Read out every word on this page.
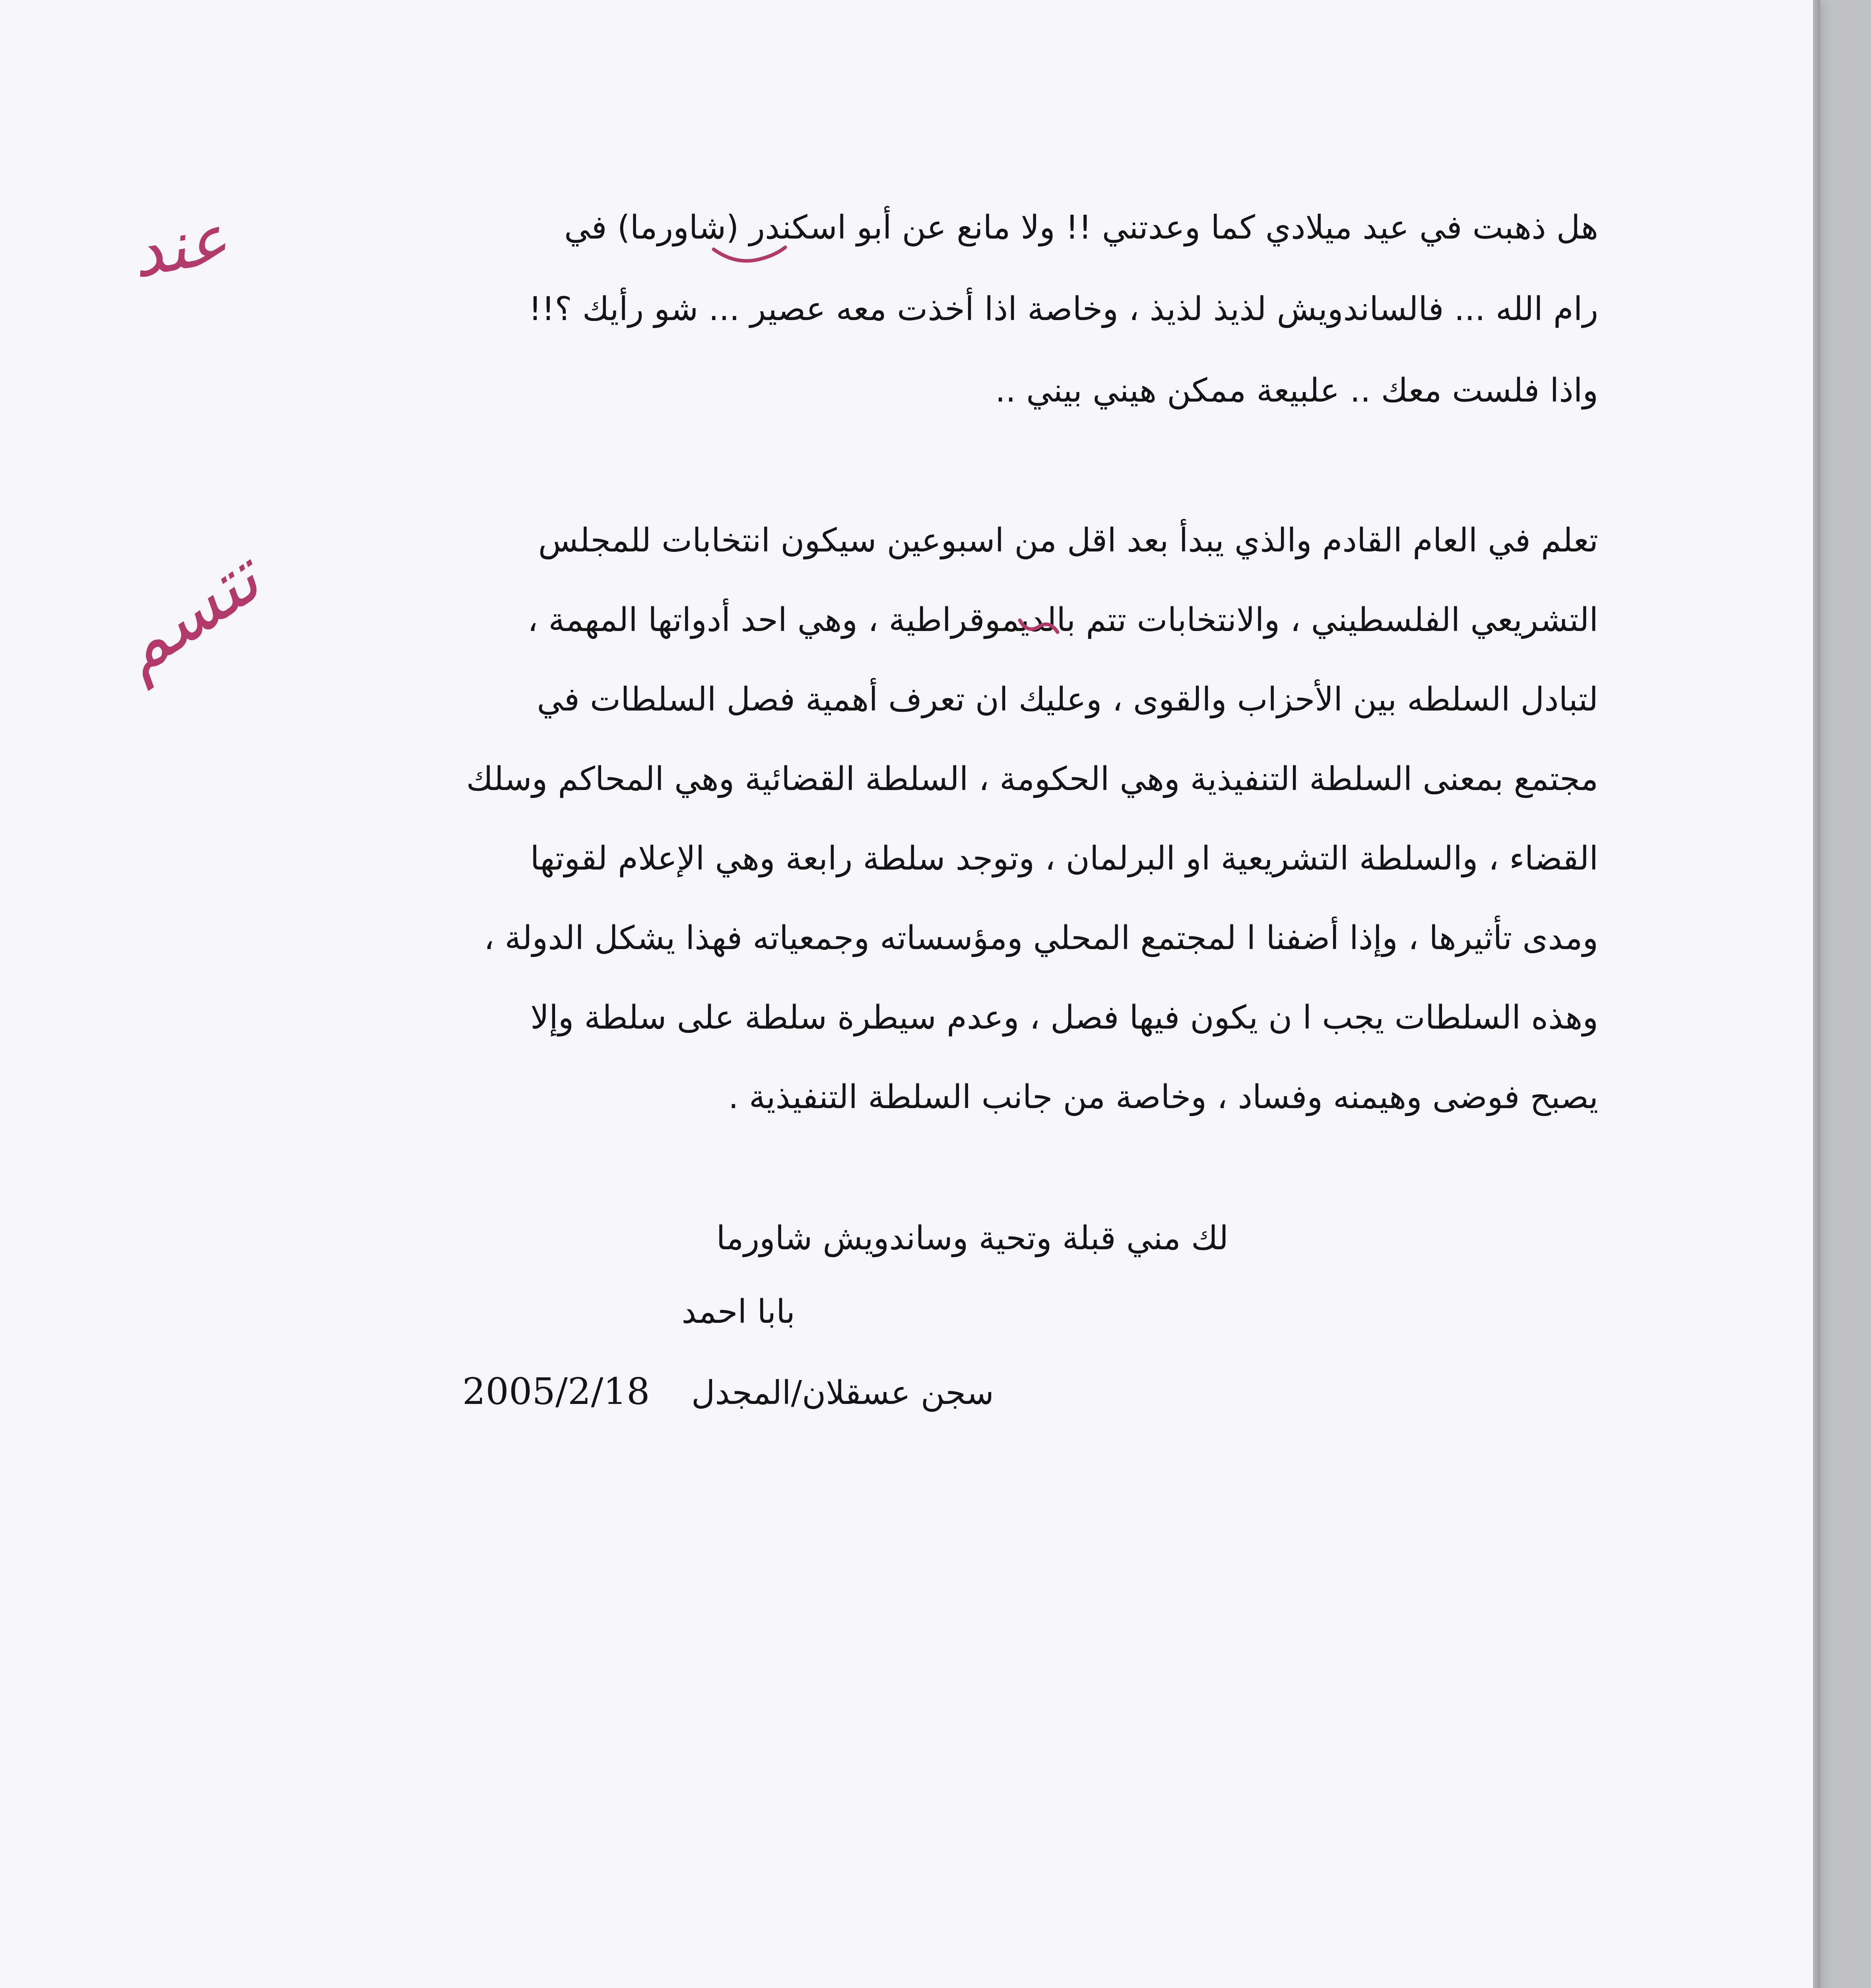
هل ذهبت في عيد ميلادي كما وعدتني !! ولا مانع عن أبو اسكندر (شاورما) في
رام الله ... فالساندويش لذيذ لذيذ ، وخاصة اذا أخذت معه عصير ... شو رأيك ؟!!
واذا فلست معك .. علبيعة ممكن هيني بيني ..
تعلم في العام القادم والذي يبدأ بعد اقل من اسبوعين سيكون انتخابات للمجلس
التشريعي الفلسطيني ، والانتخابات تتم بالديموقراطية ، وهي احد أدواتها المهمة ،
لتبادل السلطه بين الأحزاب والقوى ، وعليك ان تعرف أهمية فصل السلطات في
مجتمع بمعنى السلطة التنفيذية وهي الحكومة ، السلطة القضائية وهي المحاكم وسلك
القضاء ، والسلطة التشريعية او البرلمان ، وتوجد سلطة رابعة وهي الإعلام لقوتها
ومدى تأثيرها ، وإذا أضفنا ا لمجتمع المحلي ومؤسساته وجمعياته فهذا يشكل الدولة ،
وهذه السلطات يجب ا ن يكون فيها فصل ، وعدم سيطرة سلطة على سلطة وإلا
يصبح فوضى وهيمنه وفساد ، وخاصة من جانب السلطة التنفيذية .
لك مني قبلة وتحية وساندويش شاورما
بابا احمد
سجن عسقلان/المجدل    2005/2/18
عند
تتسم
